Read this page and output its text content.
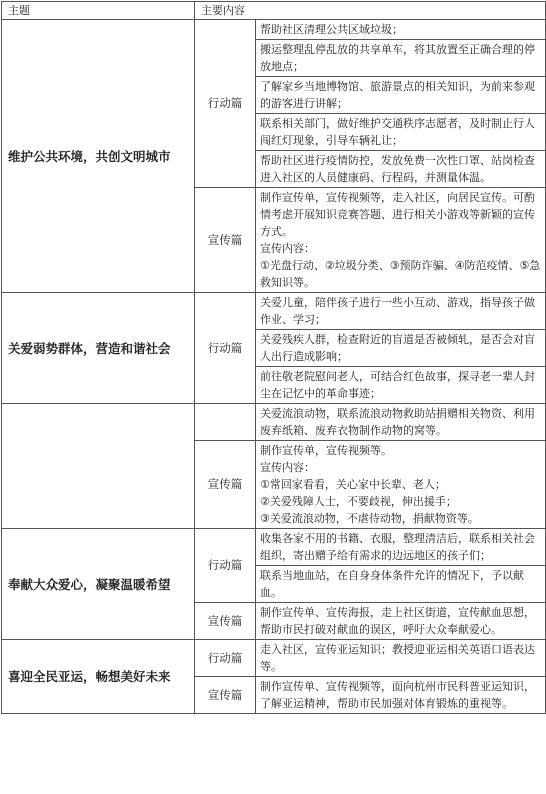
主题	主要内容	
维护公共环境，共创文明城市	行动篇	帮助社区清理公共区域垃圾；
		搬运整理乱停乱放的共享单车，将其放置至正确合理的停放地点；
		了解家乡当地博物馆、旅游景点的相关知识，为前来参观的游客进行讲解；
		联系相关部门，做好维护交通秩序志愿者，及时制止行人闯红灯现象，引导车辆礼让；
		帮助社区进行疫情防控，发放免费一次性口罩、站岗检查进入社区的人员健康码、行程码，并测量体温。
	宣传篇	制作宣传单，宣传视频等，走入社区，向居民宣传。可酌情考虑开展知识竞赛答题、进行相关小游戏等新颖的宣传方式。
宣传内容：
①光盘行动、②垃圾分类、③预防诈骗、④防范疫情、⑤急救知识等。

关爱弱势群体，营造和谐社会	行动篇	关爱儿童，陪伴孩子进行一些小互动、游戏，指导孩子做作业、学习；
		关爱残疾人群，检查附近的盲道是否被倾轧，是否会对盲人出行造成影响；
		前往敬老院慰问老人，可结合红色故事，探寻老一辈人封尘在记忆中的革命事迹；
		关爱流浪动物，联系流浪动物救助站捐赠相关物资、利用废弃纸箱、废弃衣物制作动物的窝等。
	宣传篇	制作宣传单，宣传视频等。
宣传内容：
①常回家看看，关心家中长辈、老人；
②关爱残障人士，不要歧视，伸出援手；
③关爱流浪动物，不虐待动物，捐献物资等。

奉献大众爱心，凝聚温暖希望	行动篇	收集各家不用的书籍、衣服，整理清洁后，联系相关社会组织，寄出赠予给有需求的边远地区的孩子们；
		联系当地血站，在自身身体条件允许的情况下，予以献血。
	宣传篇	制作宣传单、宣传海报，走上社区街道，宣传献血思想，帮助市民打破对献血的误区，呼吁大众奉献爱心。
喜迎全民亚运，畅想美好未来	行动篇	走入社区，宣传亚运知识；教授迎亚运相关英语口语表达等。
	宣传篇	制作宣传单、宣传视频等，面向杭州市民科普亚运知识，了解亚运精神，帮助市民加强对体育锻炼的重视等。
